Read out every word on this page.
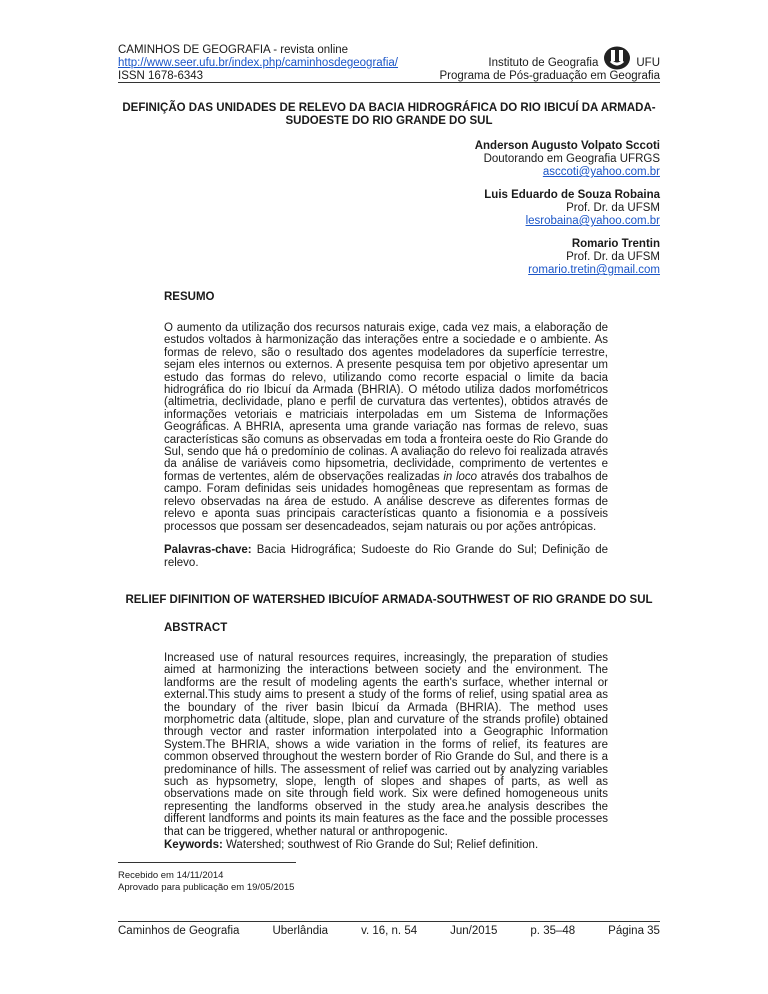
CAMINHOS DE GEOGRAFIA - revista online
http://www.seer.ufu.br/index.php/caminhosdegeografia/
ISSN 1678-6343
Instituto de Geografia	UFU
Programa de Pós-graduação em Geografia
DEFINIÇÃO DAS UNIDADES DE RELEVO DA BACIA HIDROGRÁFICA DO RIO IBICUÍ DA ARMADA-SUDOESTE DO RIO GRANDE DO SUL
Anderson Augusto Volpato Sccoti
Doutorando em Geografia UFRGS
asccoti@yahoo.com.br
Luis Eduardo de Souza Robaina
Prof. Dr. da UFSM
lesrobaina@yahoo.com.br
Romario Trentin
Prof. Dr. da UFSM
romario.tretin@gmail.com
RESUMO
O aumento da utilização dos recursos naturais exige, cada vez mais, a elaboração de estudos voltados à harmonização das interações entre a sociedade e o ambiente. As formas de relevo, são o resultado dos agentes modeladores da superfície terrestre, sejam eles internos ou externos. A presente pesquisa tem por objetivo apresentar um estudo das formas do relevo, utilizando como recorte espacial o limite da bacia hidrográfica do rio Ibicuí da Armada (BHRIA). O método utiliza dados morfométricos (altimetria, declividade, plano e perfil de curvatura das vertentes), obtidos através de informações vetoriais e matriciais interpoladas em um Sistema de Informações Geográficas. A BHRIA, apresenta uma grande variação nas formas de relevo, suas características são comuns as observadas em toda a fronteira oeste do Rio Grande do Sul, sendo que há o predomínio de colinas. A avaliação do relevo foi realizada através da análise de variáveis como hipsometria, declividade, comprimento de vertentes e formas de vertentes, além de observações realizadas in loco através dos trabalhos de campo. Foram definidas seis unidades homogêneas que representam as formas de relevo observadas na área de estudo. A análise descreve as diferentes formas de relevo e aponta suas principais características quanto a fisionomia e a possíveis processos que possam ser desencadeados, sejam naturais ou por ações antrópicas.
Palavras-chave: Bacia Hidrográfica; Sudoeste do Rio Grande do Sul; Definição de relevo.
RELIEF DIFINITION OF WATERSHED IBICUÍOF ARMADA-SOUTHWEST OF RIO GRANDE DO SUL
ABSTRACT
Increased use of natural resources requires, increasingly, the preparation of studies aimed at harmonizing the interactions between society and the environment. The landforms are the result of modeling agents the earth's surface, whether internal or external.This study aims to present a study of the forms of relief, using spatial area as the boundary of the river basin Ibicuí da Armada (BHRIA). The method uses morphometric data (altitude, slope, plan and curvature of the strands profile) obtained through vector and raster information interpolated into a Geographic Information System.The BHRIA, shows a wide variation in the forms of relief, its features are common observed throughout the western border of Rio Grande do Sul, and there is a predominance of hills. The assessment of relief was carried out by analyzing variables such as hypsometry, slope, length of slopes and shapes of parts, as well as observations made on site through field work. Six were defined homogeneous units representing the landforms observed in the study area.he analysis describes the different landforms and points its main features as the face and the possible processes that can be triggered, whether natural or anthropogenic.
Keywords: Watershed; southwest of Rio Grande do Sul; Relief definition.
Recebido em 14/11/2014
Aprovado para publicação em 19/05/2015
Caminhos de Geografia	Uberlândia	v. 16, n. 54	Jun/2015	p. 35–48	Página 35
